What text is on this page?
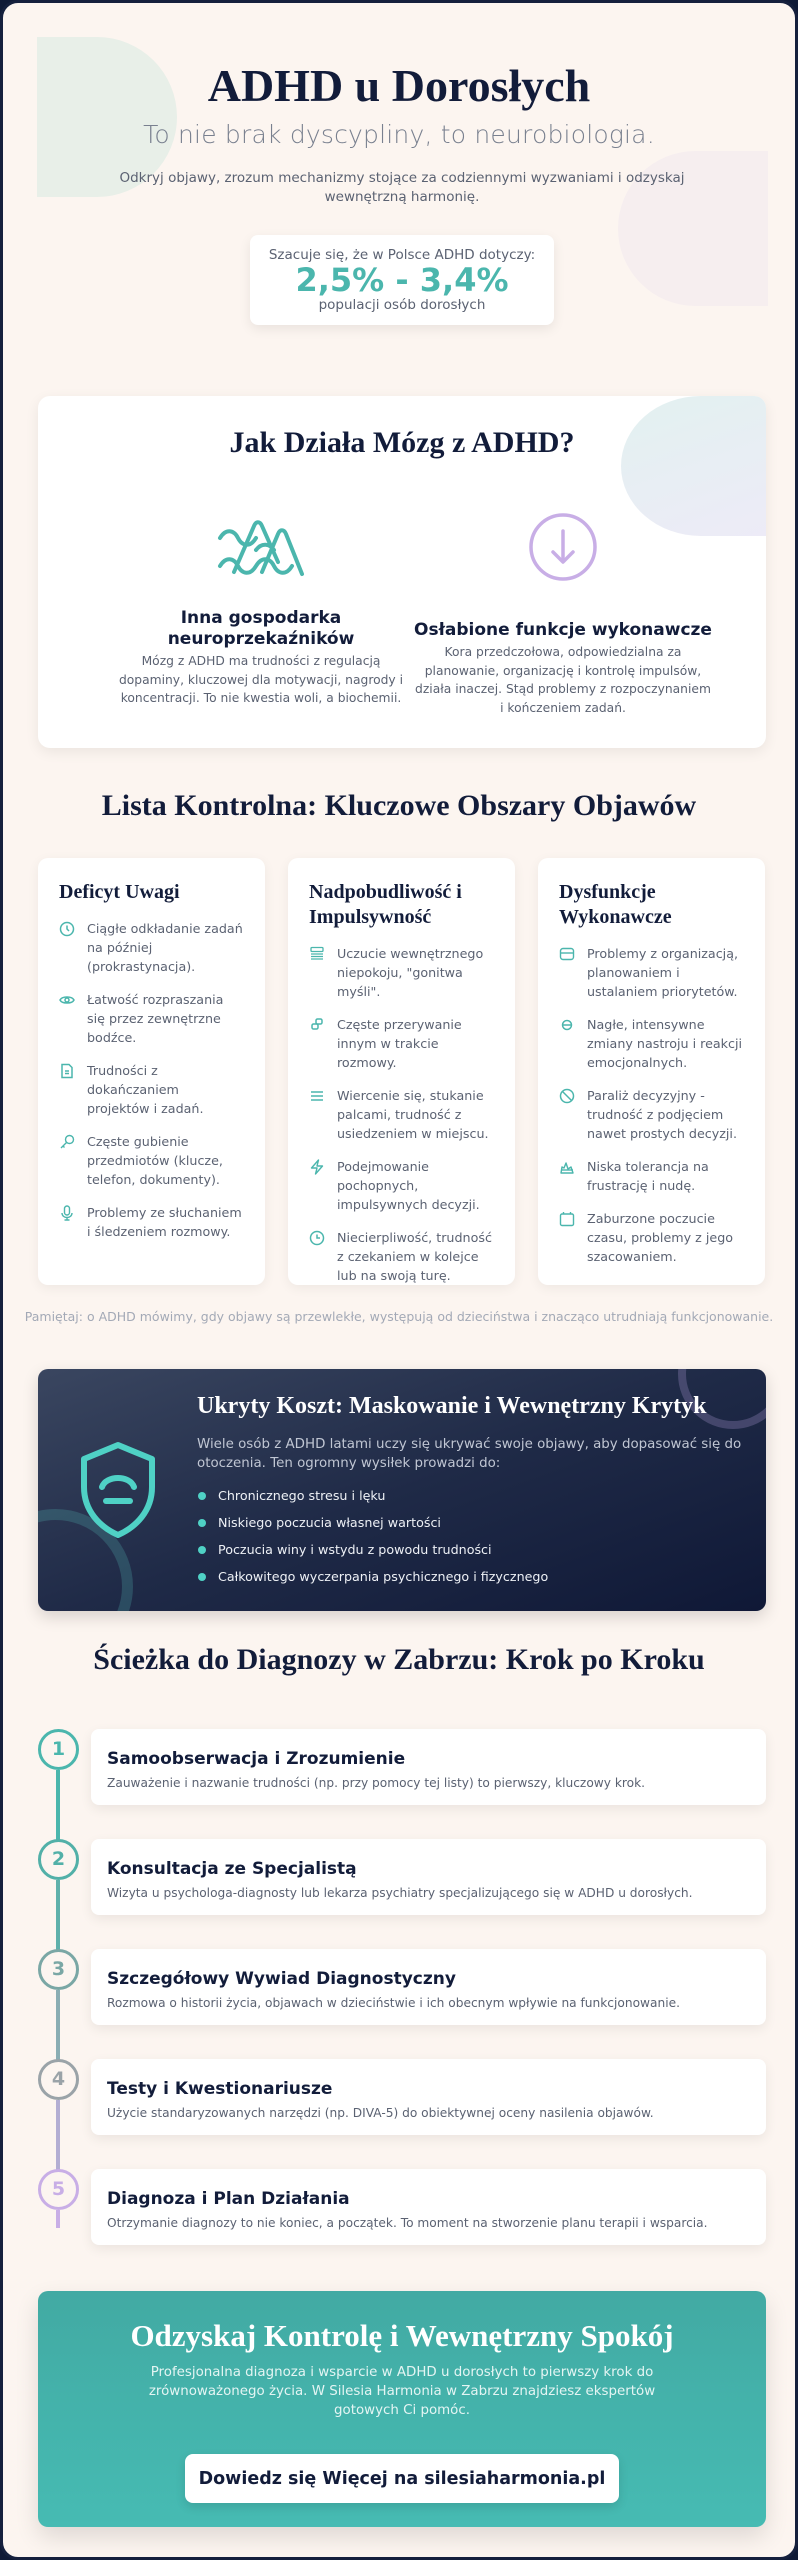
ADHD u Dorosłych
To nie brak dyscypliny, to neurobiologia.

Odkryj objawy, zrozum mechanizmy stojące za codziennymi wyzwaniami i odzyskaj wewnętrzną harmonię.

Szacuje się, że w Polsce ADHD dotyczy:
2,5% - 3,4%
populacji osób dorosłych
Jak Działa Mózg z ADHD?
Inna gospodarka neuroprzekaźników

Mózg z ADHD ma trudności z regulacją dopaminy, kluczowej dla motywacji, nagrody i koncentracji. To nie kwestia woli, a biochemii.

Osłabione funkcje wykonawcze

Kora przedczołowa, odpowiedzialna za planowanie, organizację i kontrolę impulsów, działa inaczej. Stąd problemy z rozpoczynaniem i kończeniem zadań.

Lista Kontrolna: Kluczowe Obszary Objawów
Deficyt Uwagi
Ciągłe odkładanie zadań na później (prokrastynacja).
Łatwość rozpraszania się przez zewnętrzne bodźce.
Trudności z dokańczaniem projektów i zadań.
Częste gubienie przedmiotów (klucze, telefon, dokumenty).
Problemy ze słuchaniem i śledzeniem rozmowy.
Nadpobudliwość i Impulsywność
Uczucie wewnętrznego niepokoju, "gonitwa myśli".
Częste przerywanie innym w trakcie rozmowy.
Wiercenie się, stukanie palcami, trudność z usiedzeniem w miejscu.
Podejmowanie pochopnych, impulsywnych decyzji.
Niecierpliwość, trudność z czekaniem w kolejce lub na swoją turę.
Dysfunkcje Wykonawcze
Problemy z organizacją, planowaniem i ustalaniem priorytetów.
Nagłe, intensywne zmiany nastroju i reakcji emocjonalnych.
Paraliż decyzyjny - trudność z podjęciem nawet prostych decyzji.
Niska tolerancja na frustrację i nudę.
Zaburzone poczucie czasu, problemy z jego szacowaniem.

Pamiętaj: o ADHD mówimy, gdy objawy są przewlekłe, występują od dzieciństwa i znacząco utrudniają funkcjonowanie.

Ukryty Koszt: Maskowanie i Wewnętrzny Krytyk

Wiele osób z ADHD latami uczy się ukrywać swoje objawy, aby dopasować się do otoczenia. Ten ogromny wysiłek prowadzi do:

Chronicznego stresu i lęku
Niskiego poczucia własnej wartości
Poczucia winy i wstydu z powodu trudności
Całkowitego wyczerpania psychicznego i fizycznego
Ścieżka do Diagnozy w Zabrzu: Krok po Kroku
1	Samoobserwacja i Zrozumienie

Zauważenie i nazwanie trudności (np. przy pomocy tej listy) to pierwszy, kluczowy krok.

2	Konsultacja ze Specjalistą

Wizyta u psychologa-diagnosty lub lekarza psychiatry specjalizującego się w ADHD u dorosłych.

3	Szczegółowy Wywiad Diagnostyczny

Rozmowa o historii życia, objawach w dzieciństwie i ich obecnym wpływie na funkcjonowanie.

4	Testy i Kwestionariusze

Użycie standaryzowanych narzędzi (np. DIVA-5) do obiektywnej oceny nasilenia objawów.

5	Diagnoza i Plan Działania

Otrzymanie diagnozy to nie koniec, a początek. To moment na stworzenie planu terapii i wsparcia.

Odzyskaj Kontrolę i Wewnętrzny Spokój

Profesjonalna diagnoza i wsparcie w ADHD u dorosłych to pierwszy krok do zrównoważonego życia. W Silesia Harmonia w Zabrzu znajdziesz ekspertów gotowych Ci pomóc.

Dowiedz się Więcej na silesiaharmonia.pl
